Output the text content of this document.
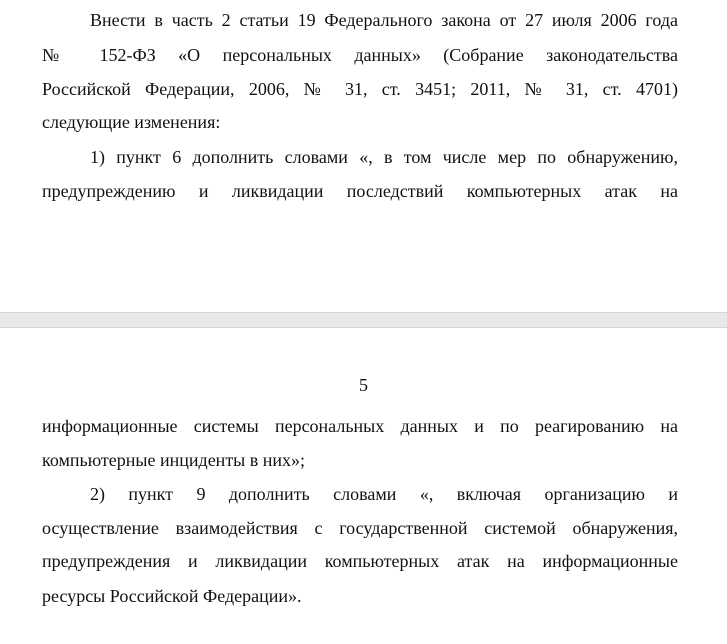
Внести в часть 2 статьи 19 Федерального закона от 27 июля 2006 года
№ 152-ФЗ «О персональных данных» (Собрание законодательства
Российской Федерации, 2006, № 31, ст. 3451; 2011, № 31, ст. 4701)
следующие изменения:
1) пункт 6 дополнить словами «, в том числе мер по обнаружению,
предупреждению и ликвидации последствий компьютерных атак на
5
информационные системы персональных данных и по реагированию на
компьютерные инциденты в них»;
2) пункт 9 дополнить словами «, включая организацию и
осуществление взаимодействия с государственной системой обнаружения,
предупреждения и ликвидации компьютерных атак на информационные
ресурсы Российской Федерации».
